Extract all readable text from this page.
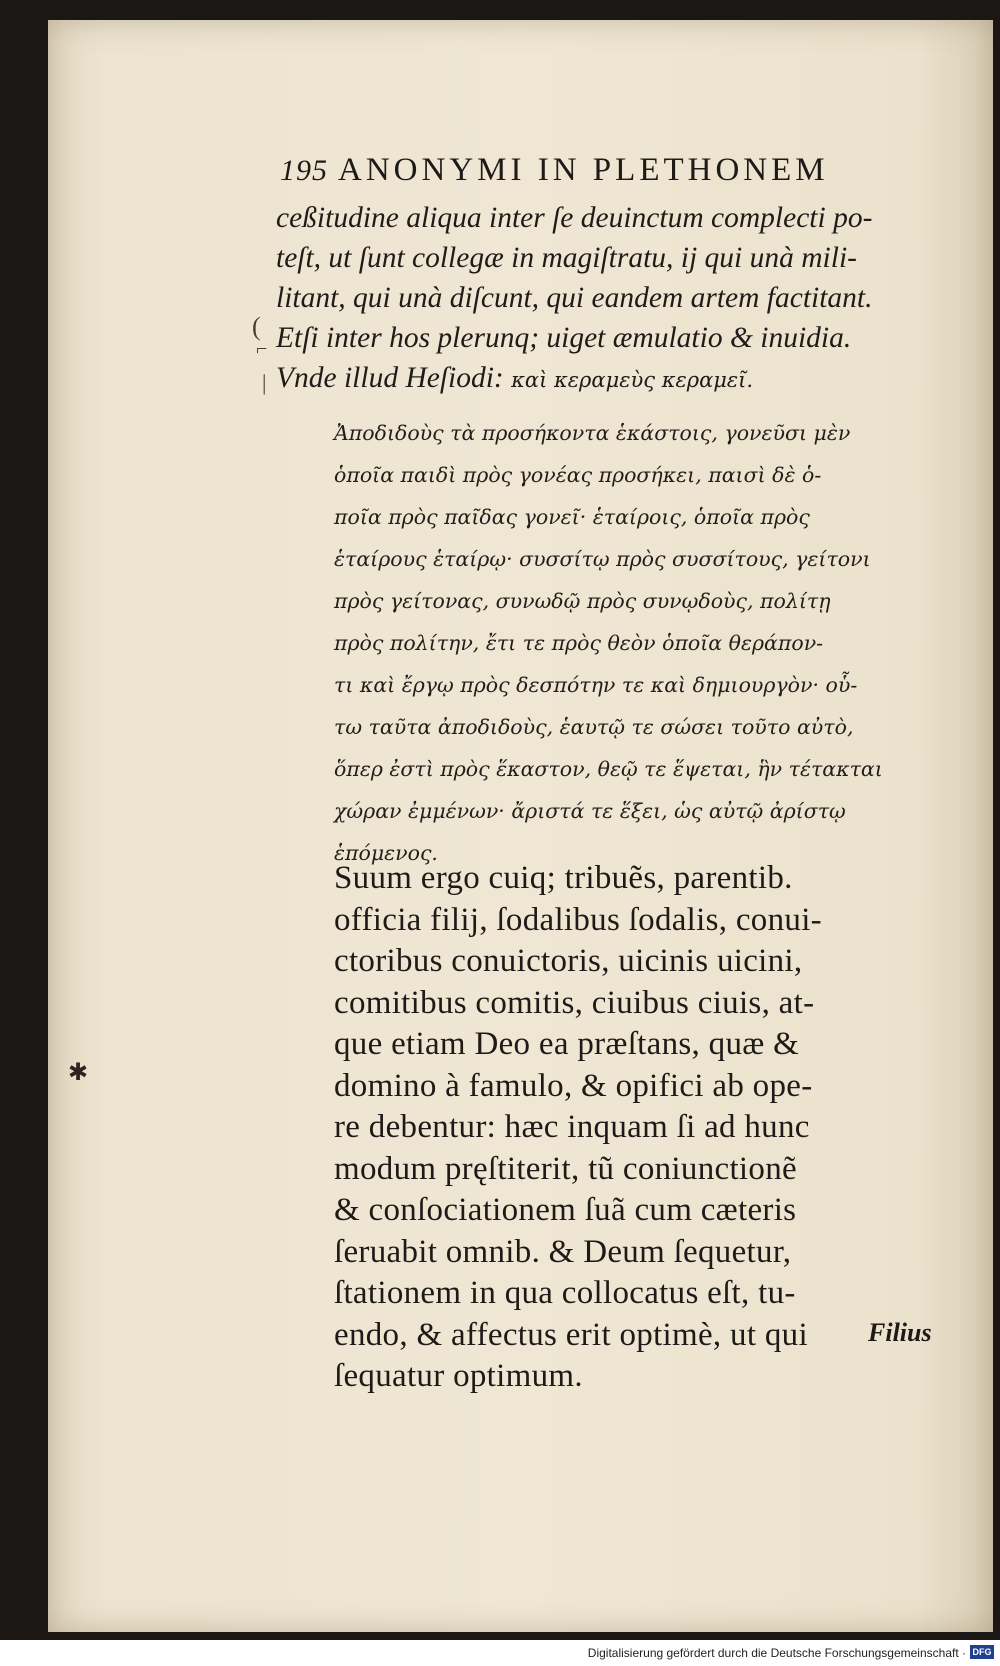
195 ANONYMI IN PLETHONEM
ceßitudine aliqua inter ſe deuinctum complecti po-
teſt, ut ſunt collegæ in magiſtratu, ij qui unà mili-
litant, qui unà diſcunt, qui eandem artem factitant.
Etſi inter hos plerunq; uiget æmulatio & inuidia.
Vnde illud Heſiodi: καὶ κεραμεὺς κεραμεῖ.
(
⌐
|
Ἀποδιδοὺς τὰ προσήκοντα ἑκάστοις, γονεῦσι μὲν
ὁποῖα παιδὶ πρὸς γονέας προσήκει, παισὶ δὲ ὁ-
ποῖα πρὸς παῖδας γονεῖ· ἑταίροις, ὁποῖα πρὸς
ἑταίρους ἑταίρῳ· συσσίτῳ πρὸς συσσίτους, γείτονι
πρὸς γείτονας, συνωδῷ πρὸς συνῳδοὺς, πολίτῃ
πρὸς πολίτην, ἔτι τε πρὸς θεὸν ὁποῖα θεράπον-
τι καὶ ἔργῳ πρὸς δεσπότην τε καὶ δημιουργὸν· οὗ-
τω ταῦτα ἀποδιδοὺς, ἑαυτῷ τε σώσει τοῦτο αὐτὸ,
ὅπερ ἐστὶ πρὸς ἕκαστον, θεῷ τε ἕψεται, ἣν τέτακται
χώραν ἐμμένων· ἄριστά τε ἕξει, ὡς αὐτῷ ἀρίστῳ
ἑπόμενος.
Suum ergo cuiq; tribuẽs, parentib.
officia filij, ſodalibus ſodalis, conui-
ctoribus conuictoris, uicinis uicini,
comitibus comitis, ciuibus ciuis, at-
que etiam Deo ea præſtans, quæ &
domino à famulo, & opifici ab ope-
re debentur: hæc inquam ſi ad hunc
modum pręſtiterit, tũ coniunctionẽ
& conſociationem ſuã cum cæteris
ſeruabit omnib. & Deum ſequetur,
ſtationem in qua collocatus eſt, tu-
endo, & affectus erit optimè, ut qui
ſequatur optimum.
✱
Filius
Digitalisierung gefördert durch die Deutsche Forschungsgemeinschaft · DFG
